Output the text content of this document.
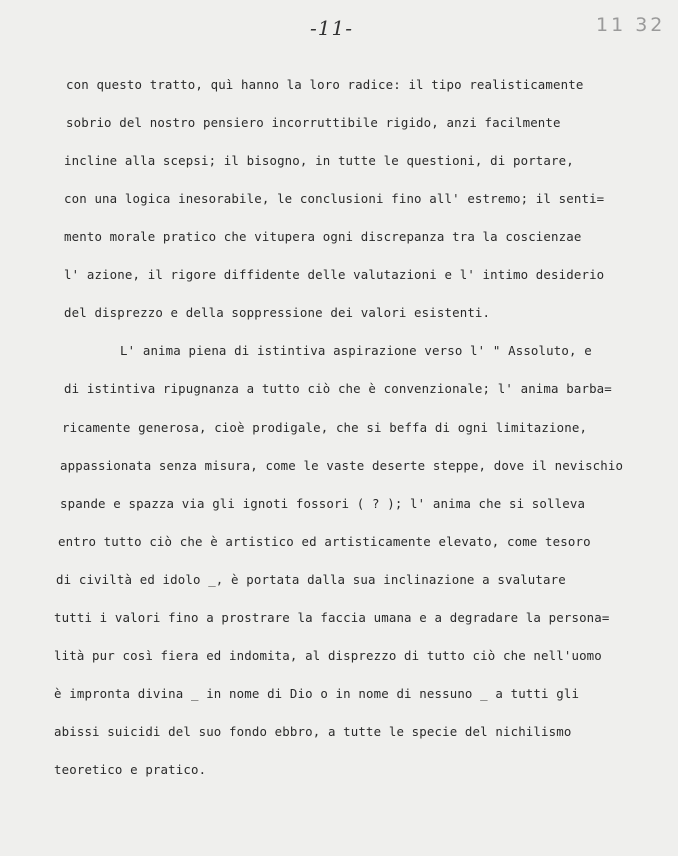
-11-	11 32
con questo tratto, quì hanno la loro radice: il tipo realisticamente
sobrio del nostro pensiero incorruttibile rigido, anzi facilmente
incline alla scepsi; il bisogno, in tutte le questioni, di portare,
con una logica inesorabile, le conclusioni fino all' estremo; il senti=
mento morale pratico che vitupera ogni discrepanza tra la coscienzae
l' azione, il rigore diffidente delle valutazioni e l' intimo desiderio
del disprezzo e della soppressione dei valori esistenti.
L' anima piena di istintiva aspirazione verso l' " Assoluto, e
di istintiva ripugnanza a tutto ciò che è convenzionale; l' anima barba=
ricamente generosa, cioè prodigale, che si beffa di ogni limitazione,
appassionata senza misura, come le vaste deserte steppe, dove il nevischio
spande e spazza via gli ignoti fossori ( ? ); l' anima che si solleva
entro tutto ciò che è artistico ed artisticamente elevato, come tesoro
di civiltà ed idolo _, è portata dalla sua inclinazione a svalutare
tutti i valori fino a prostrare la faccia umana e a degradare la persona=
lità pur così fiera ed indomita, al disprezzo di tutto ciò che nell'uomo
è impronta divina _ in nome di Dio o in nome di nessuno _ a tutti gli
abissi suicidi del suo fondo ebbro, a tutte le specie del nichilismo
teoretico e pratico.
